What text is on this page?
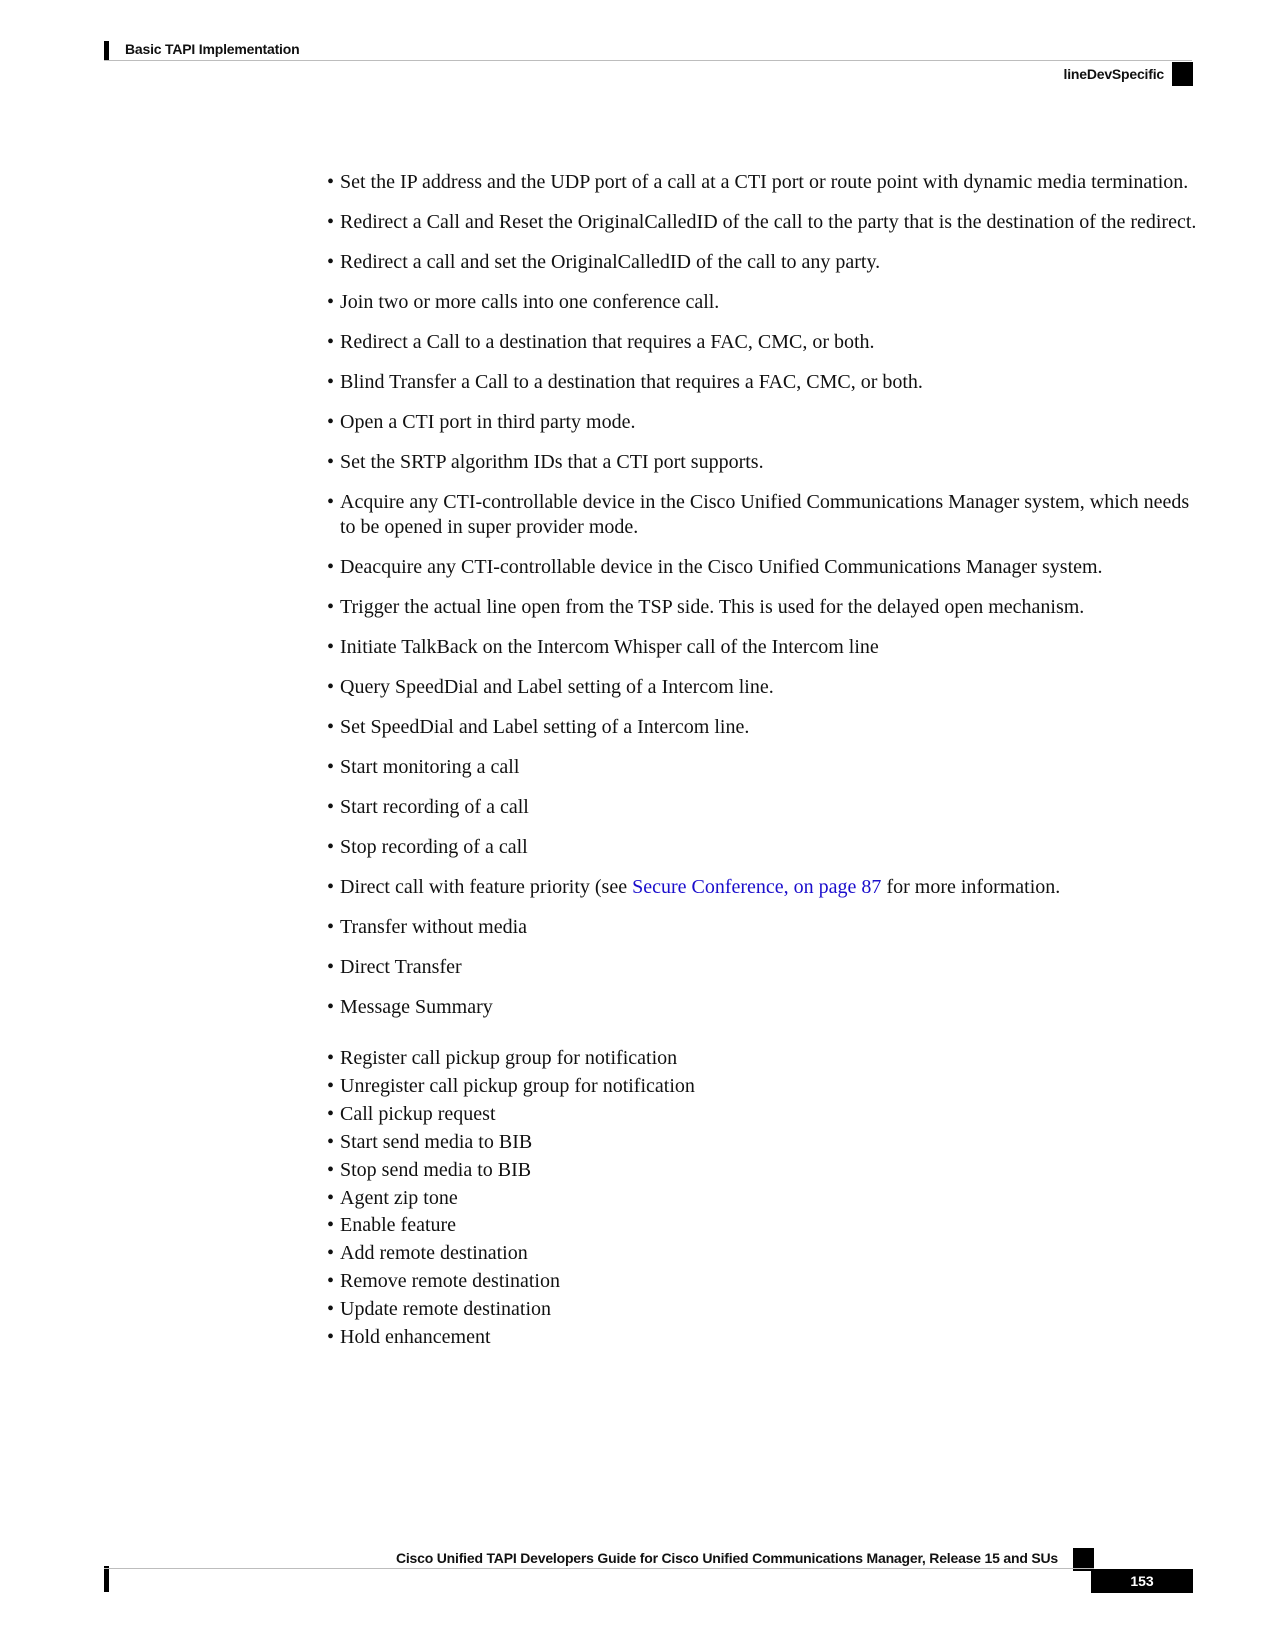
Basic TAPI Implementation
lineDevSpecific
• Set the IP address and the UDP port of a call at a CTI port or route point with dynamic media termination.
• Redirect a Call and Reset the OriginalCalledID of the call to the party that is the destination of the redirect.
• Redirect a call and set the OriginalCalledID of the call to any party.
• Join two or more calls into one conference call.
• Redirect a Call to a destination that requires a FAC, CMC, or both.
• Blind Transfer a Call to a destination that requires a FAC, CMC, or both.
• Open a CTI port in third party mode.
• Set the SRTP algorithm IDs that a CTI port supports.
• Acquire any CTI-controllable device in the Cisco Unified Communications Manager system, which needs to be opened in super provider mode.
• Deacquire any CTI-controllable device in the Cisco Unified Communications Manager system.
• Trigger the actual line open from the TSP side. This is used for the delayed open mechanism.
• Initiate TalkBack on the Intercom Whisper call of the Intercom line
• Query SpeedDial and Label setting of a Intercom line.
• Set SpeedDial and Label setting of a Intercom line.
• Start monitoring a call
• Start recording of a call
• Stop recording of a call
• Direct call with feature priority (see Secure Conference, on page 87 for more information.
• Transfer without media
• Direct Transfer
• Message Summary
• Register call pickup group for notification
• Unregister call pickup group for notification
• Call pickup request
• Start send media to BIB
• Stop send media to BIB
• Agent zip tone
• Enable feature
• Add remote destination
• Remove remote destination
• Update remote destination
• Hold enhancement
Cisco Unified TAPI Developers Guide for Cisco Unified Communications Manager, Release 15 and SUs
153
